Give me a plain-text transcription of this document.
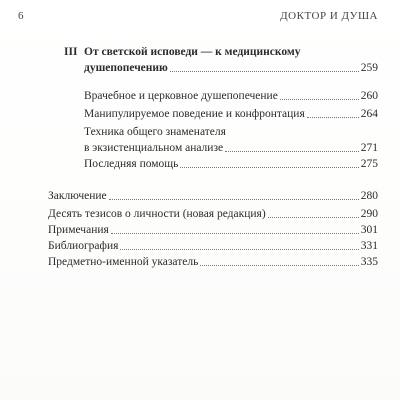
6	ДОКТОР И ДУША
III От светской исповеди — к медицинскому
душепопечению	259
Врачебное и церковное душепопечение	260
Манипулируемое поведение и конфронтация	264
Техника общего знаменателя
в экзистенциальном анализе	271
Последняя помощь	275
Заключение	280
Десять тезисов о личности (новая редакция)	290
Примечания	301
Библиография	331
Предметно-именной указатель	335
